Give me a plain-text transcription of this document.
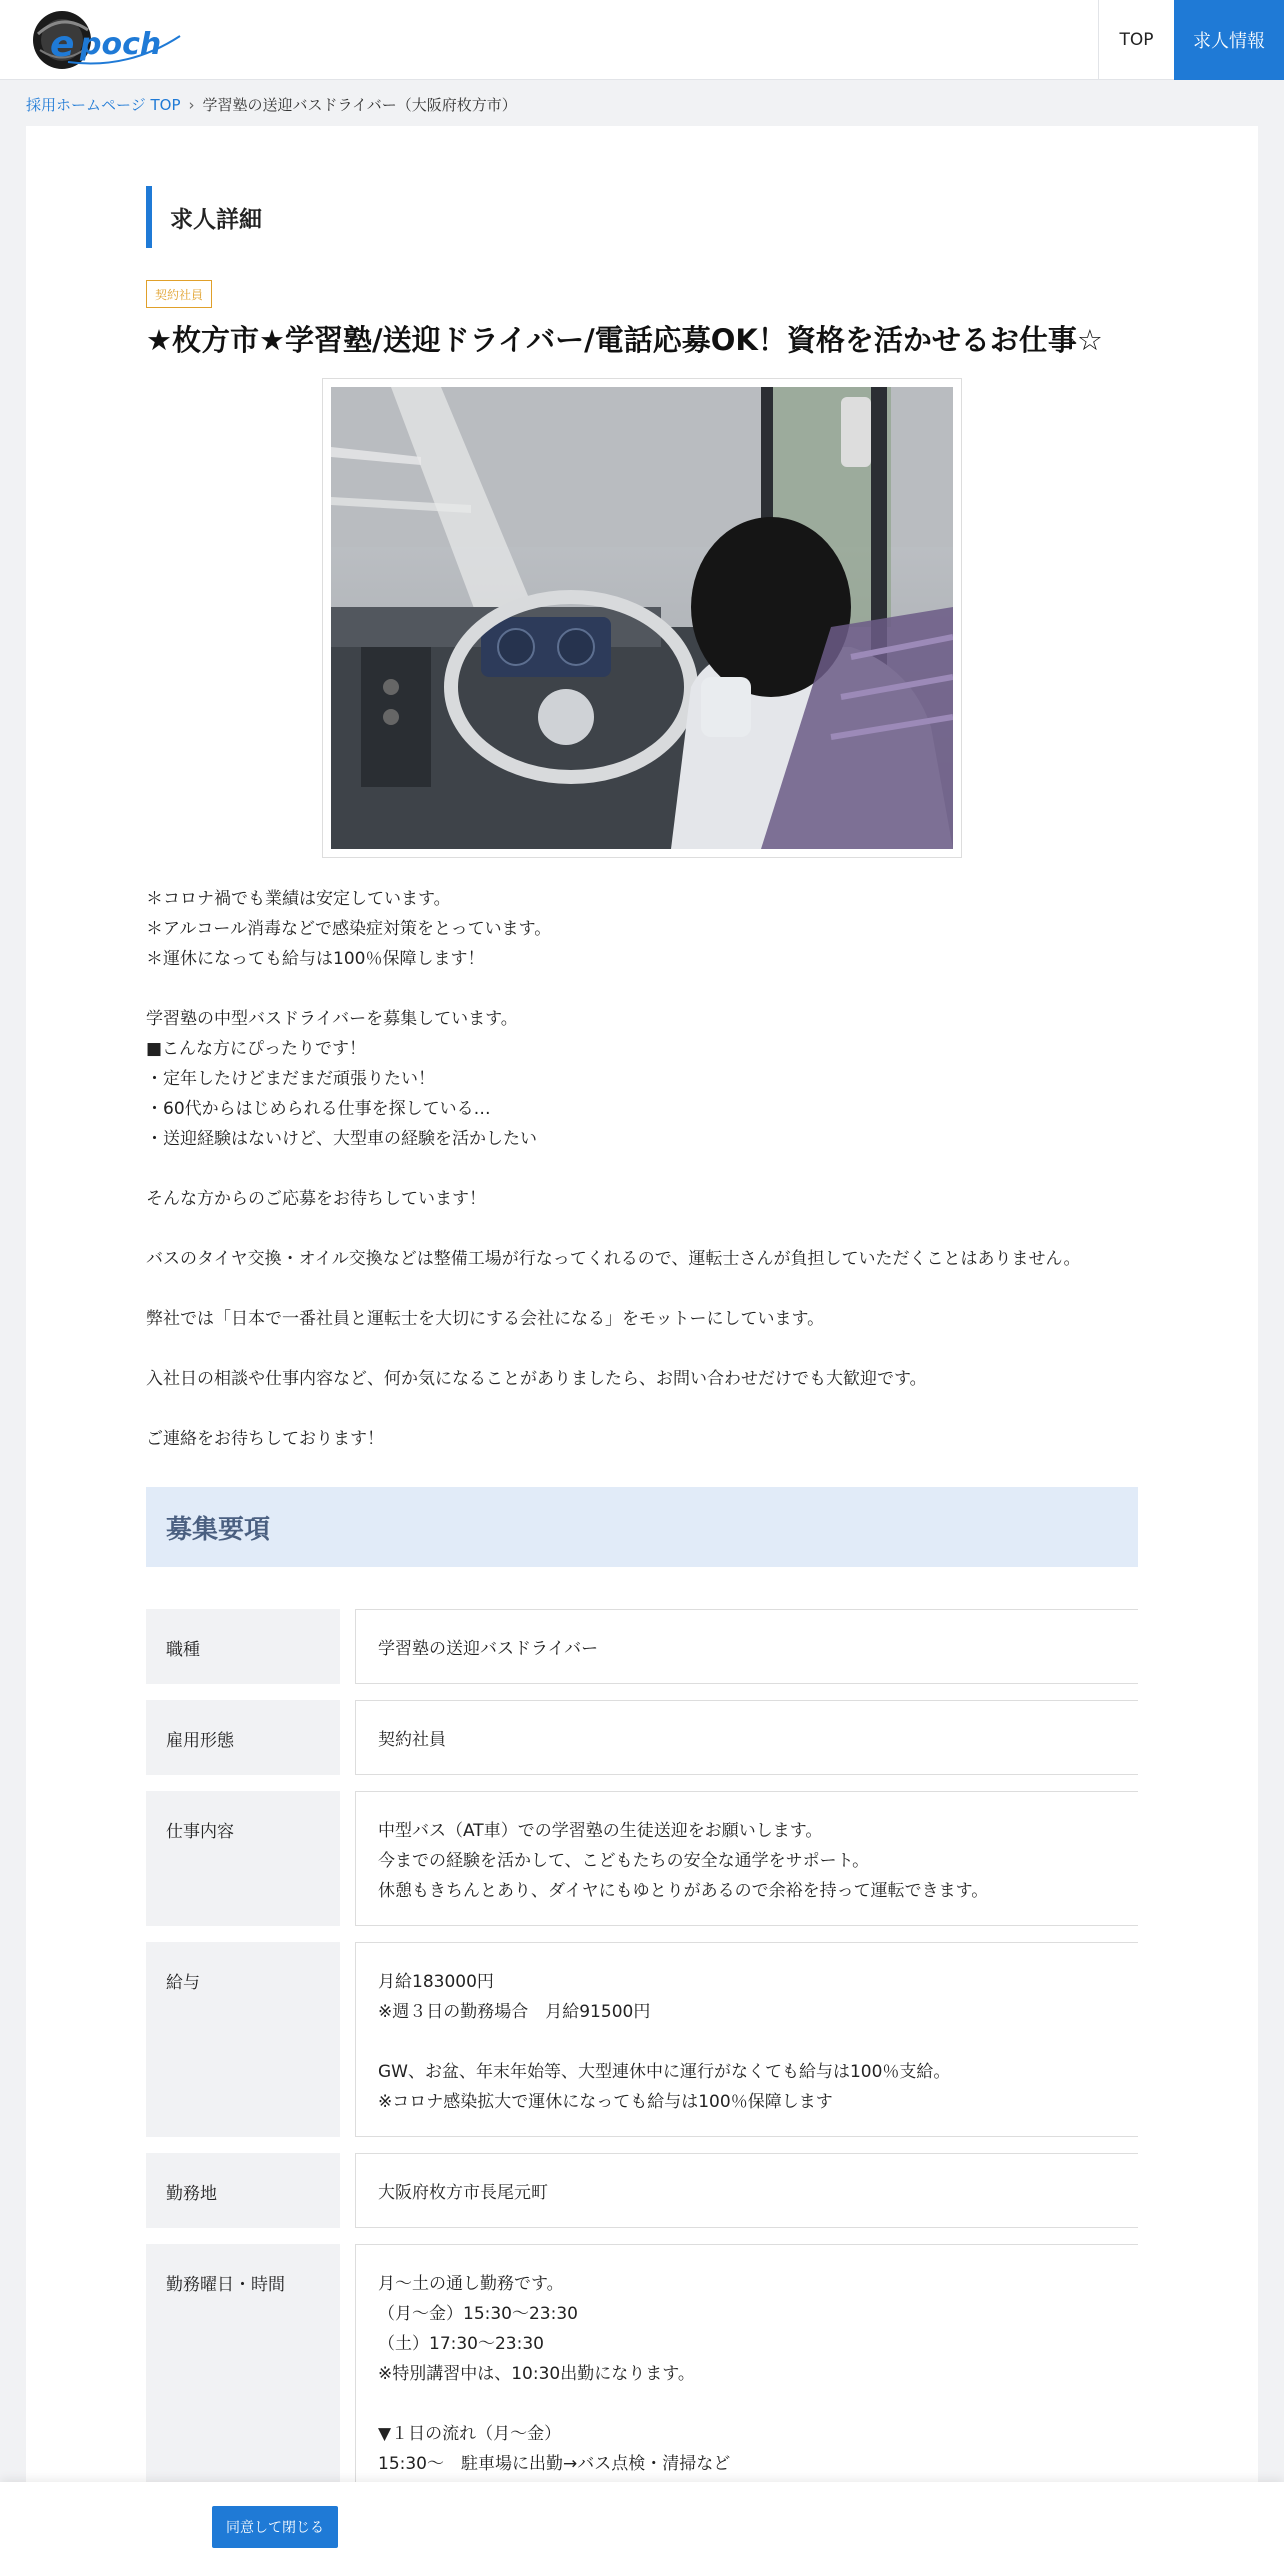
e poch	TOP	求人情報
採用ホームページ TOP › 学習塾の送迎バスドライバー（大阪府枚方市）
求人詳細
契約社員
★枚方市★学習塾/送迎ドライバー/電話応募OK！資格を活かせるお仕事☆

＊コロナ禍でも業績は安定しています。

＊アルコール消毒などで感染症対策をとっています。

＊運休になっても給与は100％保障します！

学習塾の中型バスドライバーを募集しています。

■こんな方にぴったりです！

・定年したけどまだまだ頑張りたい！

・60代からはじめられる仕事を探している…

・送迎経験はないけど、大型車の経験を活かしたい

そんな方からのご応募をお待ちしています！

バスのタイヤ交換・オイル交換などは整備工場が行なってくれるので、運転士さんが負担していただくことはありません。

弊社では「日本で一番社員と運転士を大切にする会社になる」をモットーにしています。

入社日の相談や仕事内容など、何か気になることがありましたら、お問い合わせだけでも大歓迎です。

ご連絡をお待ちしております！

募集要項
職種	学習塾の送迎バスドライバー

雇用形態	契約社員

仕事内容	中型バス（AT車）での学習塾の生徒送迎をお願いします。

今までの経験を活かして、こどもたちの安全な通学をサポート。

休憩もきちんとあり、ダイヤにもゆとりがあるので余裕を持って運転できます。

給与	月給183000円

※週３日の勤務場合　月給91500円

GW、お盆、年末年始等、大型連休中に運行がなくても給与は100％支給。

※コロナ感染拡大で運休になっても給与は100％保障します

勤務地	大阪府枚方市長尾元町

勤務曜日・時間	月～土の通し勤務です。

（月～金）15:30～23:30

（土）17:30～23:30

※特別講習中は、10:30出勤になります。

▼１日の流れ（月～金）

15:30～　駐車場に出勤→バス点検・清掃など

同意して閉じる
